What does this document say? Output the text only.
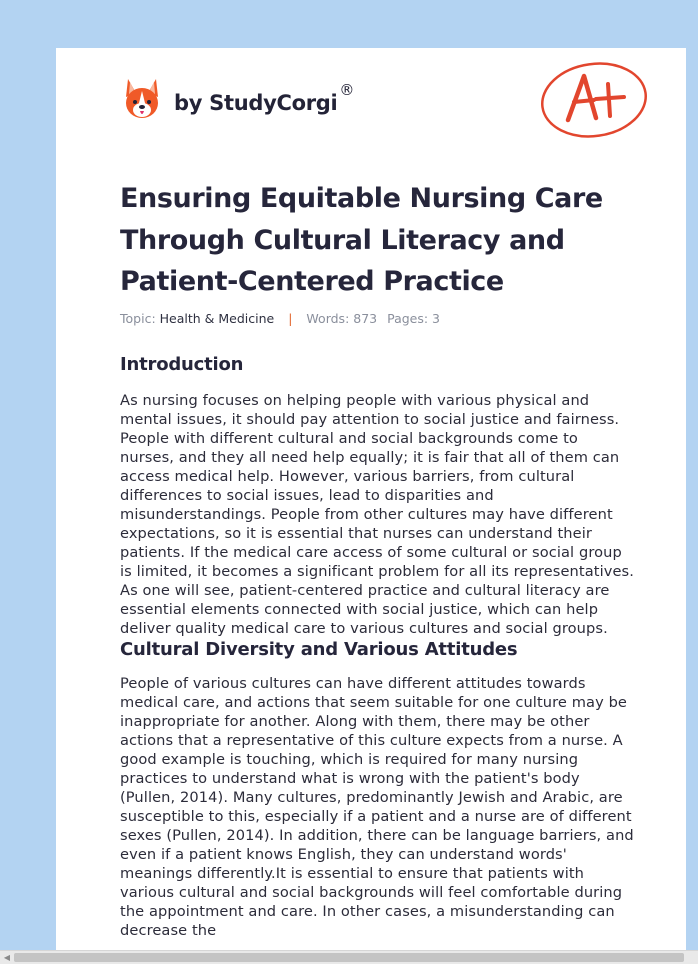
by StudyCorgi®
A+
Ensuring Equitable Nursing Care Through Cultural Literacy and Patient-Centered Practice
Topic: Health & Medicine | Words: 873 Pages: 3
Introduction

As nursing focuses on helping people with various physical and mental issues, it should pay attention to social justice and fairness. People with different cultural and social backgrounds come to nurses, and they all need help equally; it is fair that all of them can access medical help. However, various barriers, from cultural differences to social issues, lead to disparities and misunderstandings. People from other cultures may have different expectations, so it is essential that nurses can understand their patients. If the medical care access of some cultural or social group is limited, it becomes a significant problem for all its representatives. As one will see, patient-centered practice and cultural literacy are essential elements connected with social justice, which can help deliver quality medical care to various cultures and social groups.

Cultural Diversity and Various Attitudes

People of various cultures can have different attitudes towards medical care, and actions that seem suitable for one culture may be inappropriate for another. Along with them, there may be other actions that a representative of this culture expects from a nurse. A good example is touching, which is required for many nursing practices to understand what is wrong with the patient's body (Pullen, 2014). Many cultures, predominantly Jewish and Arabic, are susceptible to this, especially if a patient and a nurse are of different sexes (Pullen, 2014). In addition, there can be language barriers, and even if a patient knows English, they can understand words' meanings differently.It is essential to ensure that patients with various cultural and social backgrounds will feel comfortable during the appointment and care. In other cases, a misunderstanding can decrease the

◀
